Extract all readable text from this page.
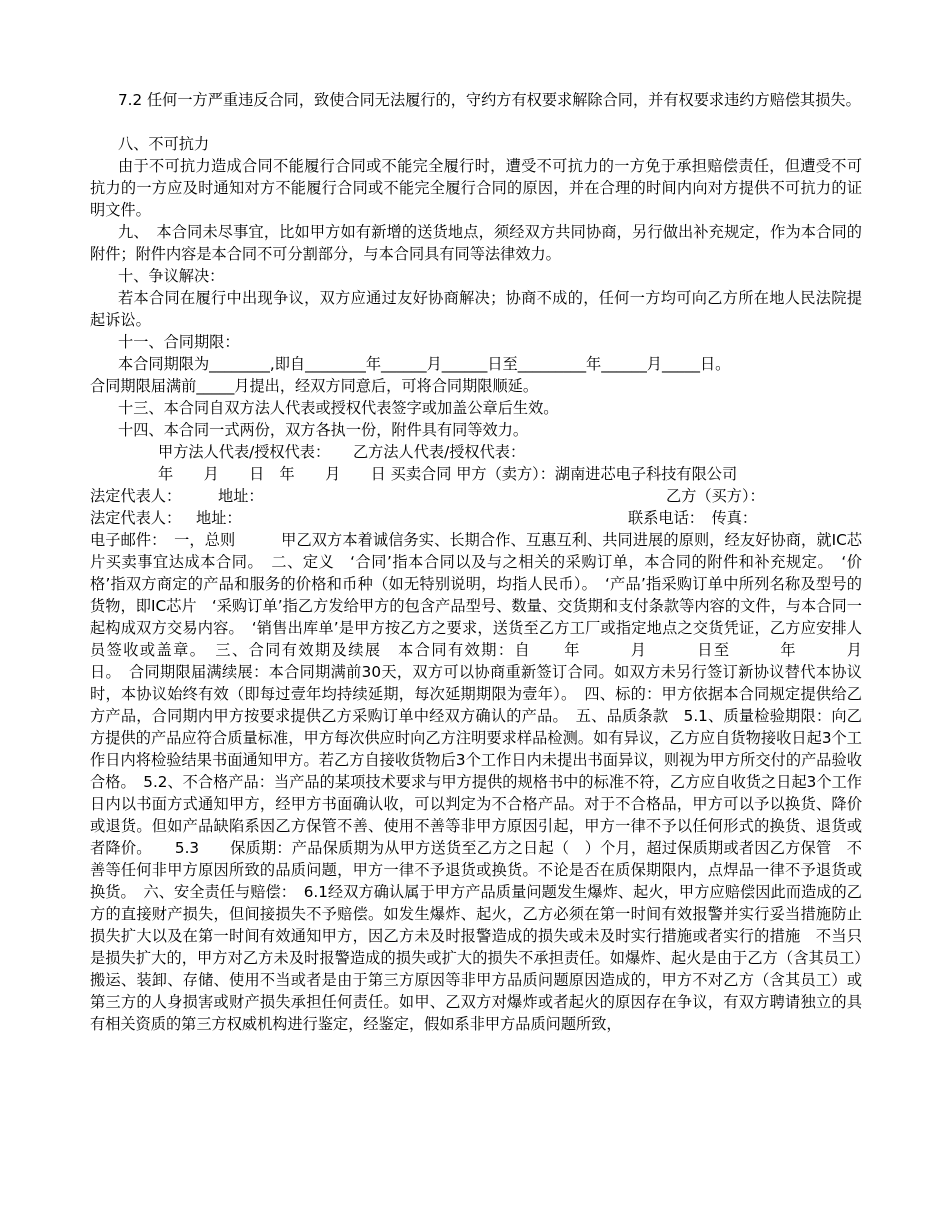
7.2 任何一方严重违反合同，致使合同无法履行的，守约方有权要求解除合同，并有权要求违约方赔偿其损失。

八、不可抗力

由于不可抗力造成合同不能履行合同或不能完全履行时，遭受不可抗力的一方免于承担赔偿责任，但遭受不可抗力的一方应及时通知对方不能履行合同或不能完全履行合同的原因，并在合理的时间内向对方提供不可抗力的证明文件。

九、　本合同未尽事宜，比如甲方如有新增的送货地点，须经双方共同协商，另行做出补充规定，作为本合同的附件；附件内容是本合同不可分割部分，与本合同具有同等法律效力。

十、争议解决：

若本合同在履行中出现争议，双方应通过友好协商解决；协商不成的，任何一方均可向乙方所在地人民法院提起诉讼。

十一、合同期限：
本合同期限为________,即自________年______月______日至_________年______月_____日。
合同期限届满前_____月提出，经双方同意后，可将合同期限顺延。
十三、本合同自双方法人代表或授权代表签字或加盖公章后生效。
十四、本合同一式两份，双方各执一份，附件具有同等效力。
甲方法人代表/授权代表：　　乙方法人代表/授权代表：
年　　月　　日　年　　月　　日 买卖合同 甲方（卖方）：湖南进芯电子科技有限公司
法定代表人： 地址：	乙方（买方）：
法定代表人： 地址：	联系电话：　传真：

电子邮件：　一，总则　　　甲乙双方本着诚信务实、长期合作、互惠互利、共同进展的原则，经友好协商，就IC芯片买卖事宜达成本合同。　二、定义　‘合同’指本合同以及与之相关的采购订单，本合同的附件和补充规定。　‘价格’指双方商定的产品和服务的价格和币种（如无特别说明，均指人民币）。　‘产品’指采购订单中所列名称及型号的货物，即IC芯片　‘采购订单’指乙方发给甲方的包含产品型号、数量、交货期和支付条款等内容的文件，与本合同一起构成双方交易内容。　‘销售出库单’是甲方按乙方之要求，送货至乙方工厂或指定地点之交货凭证，乙方应安排人员签收或盖章。　三、合同有效期及续展　本合同有效期：自　　年　　　月　　　日至　　　年　　　月　　　日。　合同期限届满续展：本合同期满前30天，双方可以协商重新签订合同。如双方未另行签订新协议替代本协议时，本协议始终有效（即每过壹年均持续延期，每次延期期限为壹年）。　四、标的：甲方依据本合同规定提供给乙方产品，合同期内甲方按要求提供乙方采购订单中经双方确认的产品。　五、品质条款　5.1、质量检验期限：向乙方提供的产品应符合质量标准，甲方每次供应时向乙方注明要求样品检测。如有异议，乙方应自货物接收日起3个工作日内将检验结果书面通知甲方。若乙方自接收货物后3个工作日内未提出书面异议，则视为甲方所交付的产品验收合格。　5.2、不合格产品：当产品的某项技术要求与甲方提供的规格书中的标准不符，乙方应自收货之日起3个工作日内以书面方式通知甲方，经甲方书面确认收，可以判定为不合格产品。对于不合格品，甲方可以予以换货、降价或退货。但如产品缺陷系因乙方保管不善、使用不善等非甲方原因引起，甲方一律不予以任何形式的换货、退货或者降价。　　5.3　　保质期：产品保质期为从甲方送货至乙方之日起（　）个月，超过保质期或者因乙方保管　不善等任何非甲方原因所致的品质问题，甲方一律不予退货或换货。不论是否在质保期限内，点焊品一律不予退货或换货。　六、安全责任与赔偿：　6.1经双方确认属于甲方产品质量问题发生爆炸、起火，甲方应赔偿因此而造成的乙方的直接财产损失，但间接损失不予赔偿。如发生爆炸、起火，乙方必须在第一时间有效报警并实行妥当措施防止损失扩大以及在第一时间有效通知甲方，因乙方未及时报警造成的损失或未及时实行措施或者实行的措施　不当只是损失扩大的，甲方对乙方未及时报警造成的损失或扩大的损失不承担责任。如爆炸、起火是由于乙方（含其员工）搬运、装卸、存储、使用不当或者是由于第三方原因等非甲方品质问题原因造成的，甲方不对乙方（含其员工）或第三方的人身损害或财产损失承担任何责任。如甲、乙双方对爆炸或者起火的原因存在争议，有双方聘请独立的具有相关资质的第三方权威机构进行鉴定，经鉴定，假如系非甲方品质问题所致，
